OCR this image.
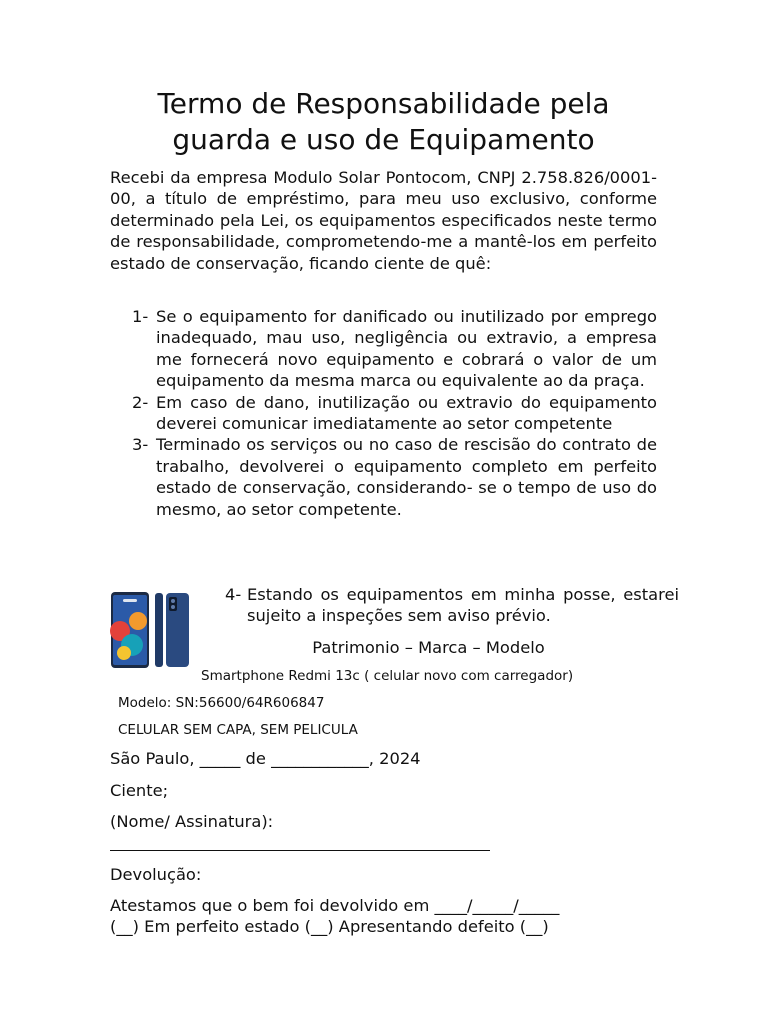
Termo de Responsabilidade pela
guarda e uso de Equipamento

Recebi da empresa Modulo Solar Pontocom, CNPJ 2.758.826/0001-00, a título de empréstimo, para meu uso exclusivo, conforme determinado pela Lei, os equipamentos especificados neste termo de responsabilidade, comprometendo-me a mantê-los em perfeito estado de conservação, ficando ciente de quê:

1- Se o equipamento for danificado ou inutilizado por emprego inadequado, mau uso, negligência ou extravio, a empresa me fornecerá novo equipamento e cobrará o valor de um equipamento da mesma marca ou equivalente ao da praça.
2- Em caso de dano, inutilização ou extravio do equipamento deverei comunicar imediatamente ao setor competente
3- Terminado os serviços ou no caso de rescisão do contrato de trabalho, devolverei o equipamento completo em perfeito estado de conservação, considerando- se o tempo de uso do mesmo, ao setor competente.
4- Estando os equipamentos em minha posse, estarei sujeito a inspeções sem aviso prévio.
Patrimonio – Marca – Modelo
Smartphone Redmi 13c ( celular novo com carregador)
Modelo: SN:56600/64R606847
CELULAR SEM CAPA, SEM PELICULA
São Paulo, _____ de ____________, 2024
Ciente;
(Nome/ Assinatura):
Devolução:
Atestamos que o bem foi devolvido em ____/_____/_____
(__) Em perfeito estado (__) Apresentando defeito (__)
